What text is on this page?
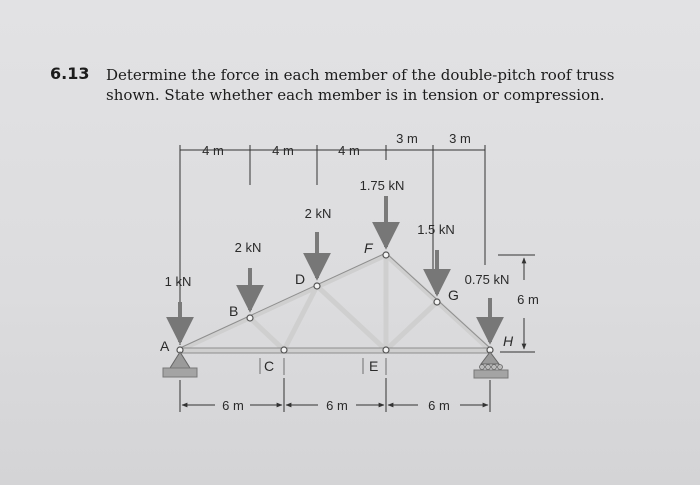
6.13 Determine the force in each member of the double-pitch roof truss
shown. State whether each member is in tension or compression.
4 m	4 m	4 m
3 m 3 m
1 kN
2 kN
2 kN
1.75 kN
1.5 kN
0.75 kN
A
B
C
D
E
F
G
H
6 m
6 m	6 m	6 m
